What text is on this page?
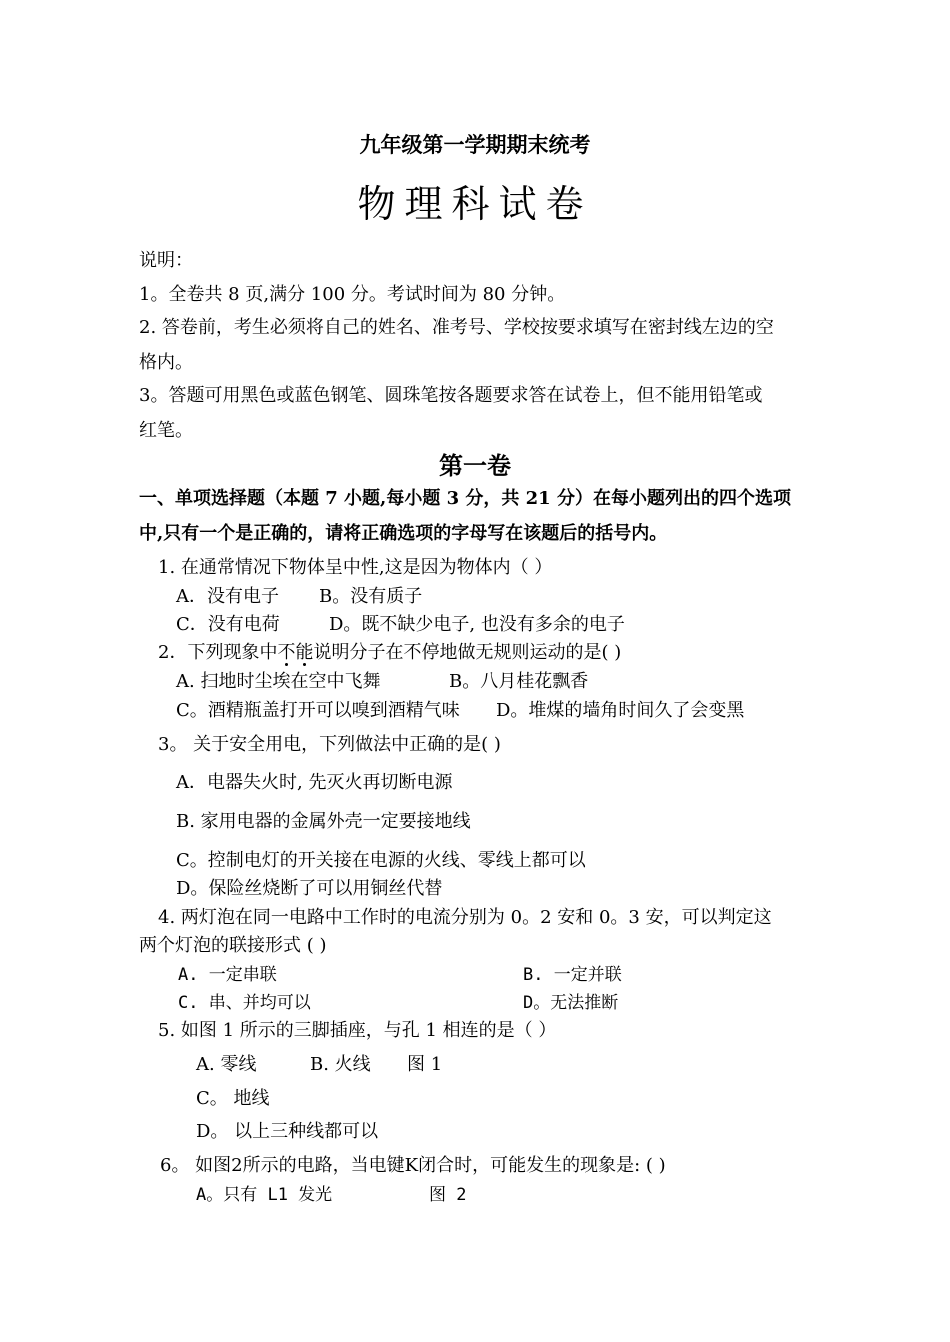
九年级第一学期期末统考
物理科试卷
说明：
1。全卷共 8 页,满分 100 分。考试时间为 80 分钟。
2. 答卷前，考生必须将自己的姓名、准考号、学校按要求填写在密封线左边的空
格内。
3。答题可用黑色或蓝色钢笔、圆珠笔按各题要求答在试卷上，但不能用铅笔或
红笔。
第一卷
一、单项选择题（本题 7 小题,每小题 3 分，共 21 分）在每小题列出的四个选项
中,只有一个是正确的，请将正确选项的字母写在该题后的括号内。
1. 在通常情况下物体呈中性,这是因为物体内（ ）
A．没有电子 B。没有质子
C．没有电荷	D。既不缺少电子, 也没有多余的电子
2．下列现象中不能说明分子在不停地做无规则运动的是( )
A. 扫地时尘埃在空中飞舞	B。八月桂花飘香
C。酒精瓶盖打开可以嗅到酒精气味 D。堆煤的墙角时间久了会变黑
3。 关于安全用电，下列做法中正确的是( )
A．电器失火时, 先灭火再切断电源
B. 家用电器的金属外壳一定要接地线
C。控制电灯的开关接在电源的火线、零线上都可以
D。保险丝烧断了可以用铜丝代替
4. 两灯泡在同一电路中工作时的电流分别为 0。2 安和 0。3 安，可以判定这
两个灯泡的联接形式 ( )
A. 一定串联	B. 一定并联
C. 串、并均可以	D。无法推断
5. 如图 1 所示的三脚插座，与孔 1 相连的是（ ）
A. 零线	B. 火线 图 1
C。 地线
D。 以上三种线都可以
6。 如图2所示的电路，当电键K闭合时，可能发生的现象是: ( )
A。只有 L1 发光	图 2
